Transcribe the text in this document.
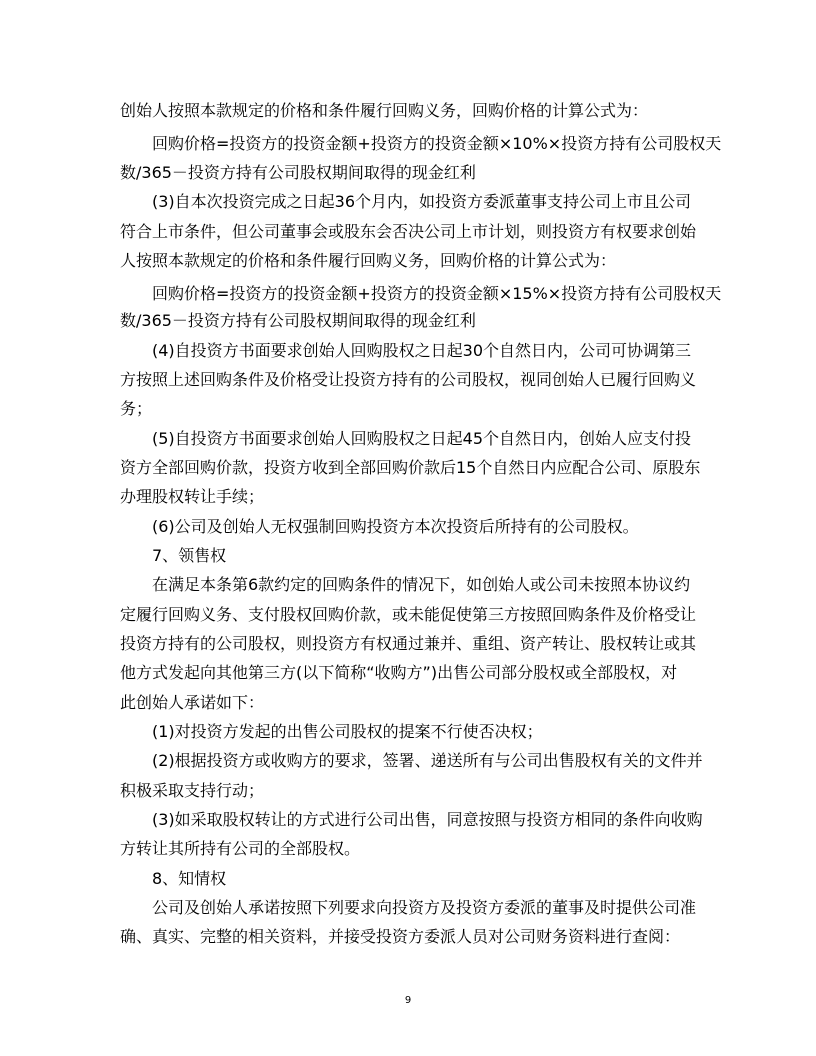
创始人按照本款规定的价格和条件履行回购义务，回购价格的计算公式为：
回购价格=投资方的投资金额+投资方的投资金额×10%×投资方持有公司股权天
数/365－投资方持有公司股权期间取得的现金红利
(3)自本次投资完成之日起36个月内，如投资方委派董事支持公司上市且公司
符合上市条件，但公司董事会或股东会否决公司上市计划，则投资方有权要求创始
人按照本款规定的价格和条件履行回购义务，回购价格的计算公式为：
回购价格=投资方的投资金额+投资方的投资金额×15%×投资方持有公司股权天
数/365－投资方持有公司股权期间取得的现金红利
(4)自投资方书面要求创始人回购股权之日起30个自然日内，公司可协调第三
方按照上述回购条件及价格受让投资方持有的公司股权，视同创始人已履行回购义
务；
(5)自投资方书面要求创始人回购股权之日起45个自然日内，创始人应支付投
资方全部回购价款，投资方收到全部回购价款后15个自然日内应配合公司、原股东
办理股权转让手续；
(6)公司及创始人无权强制回购投资方本次投资后所持有的公司股权。
7、领售权
在满足本条第6款约定的回购条件的情况下，如创始人或公司未按照本协议约
定履行回购义务、支付股权回购价款，或未能促使第三方按照回购条件及价格受让
投资方持有的公司股权，则投资方有权通过兼并、重组、资产转让、股权转让或其
他方式发起向其他第三方(以下简称“收购方”)出售公司部分股权或全部股权，对
此创始人承诺如下：
(1)对投资方发起的出售公司股权的提案不行使否决权；
(2)根据投资方或收购方的要求，签署、递送所有与公司出售股权有关的文件并
积极采取支持行动；
(3)如采取股权转让的方式进行公司出售，同意按照与投资方相同的条件向收购
方转让其所持有公司的全部股权。
8、知情权
公司及创始人承诺按照下列要求向投资方及投资方委派的董事及时提供公司准
确、真实、完整的相关资料，并接受投资方委派人员对公司财务资料进行查阅：
9
